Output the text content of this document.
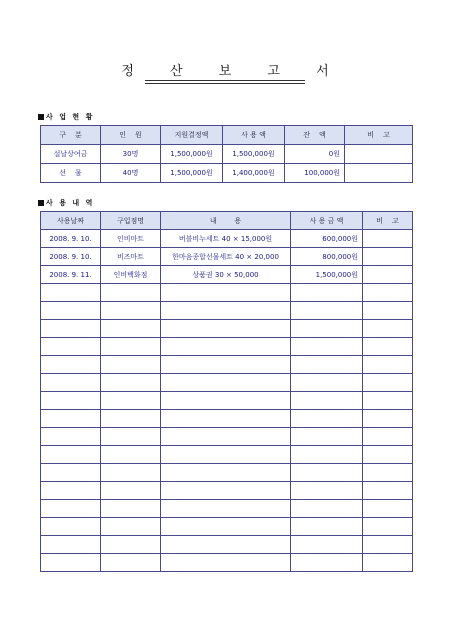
정 산 보 고 서
사 업 현 황
구    분	인    원	지원결정액	사 용 액	잔    액	비    고
설날상여금	30명	1,500,000원	1,500,000원	0원	
선    물	40명	1,500,000원	1,400,000원	100,000원	
사 용 내 역
사용날짜	구입점명	내        용	사 용 금 액	비    고
2008. 9. 10.	인비마트	버블비누세트 40 × 15,000원	600,000원	
2008. 9. 10.	비즈마트	한마음종합선물세트 40 × 20,000	800,000원	
2008. 9. 11.	인비백화점	상품권 30 × 50,000	1,500,000원	
